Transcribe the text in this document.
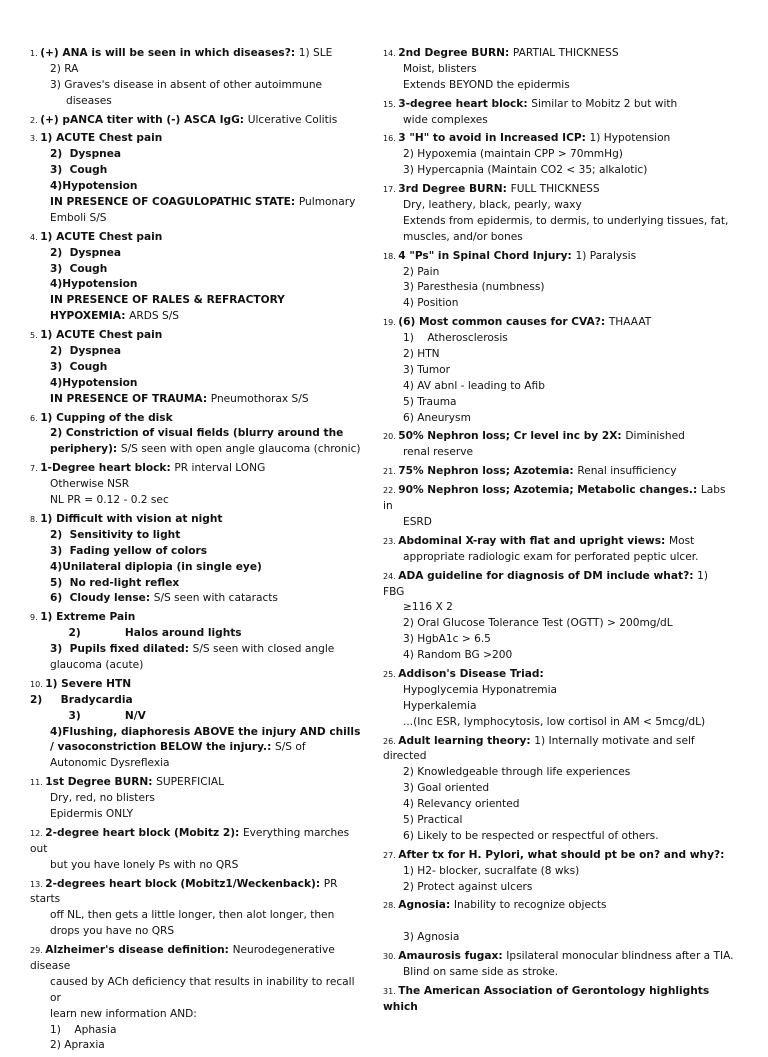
1. (+) ANA is will be seen in which diseases?: 1) SLE
2) RA
3) Graves's disease in absent of other autoimmune
diseases
2. (+) pANCA titer with (-) ASCA IgG: Ulcerative Colitis
3. 1) ACUTE Chest pain
2)  Dyspnea
3)  Cough
4)Hypotension
IN PRESENCE OF COAGULOPATHIC STATE: Pulmonary
Emboli S/S
4. 1) ACUTE Chest pain
2)  Dyspnea
3)  Cough
4)Hypotension
IN PRESENCE OF RALES & REFRACTORY
HYPOXEMIA: ARDS S/S
5. 1) ACUTE Chest pain
2)  Dyspnea
3)  Cough
4)Hypotension
IN PRESENCE OF TRAUMA: Pneumothorax S/S
6. 1) Cupping of the disk
2) Constriction of visual fields (blurry around the
periphery): S/S seen with open angle glaucoma (chronic)
7. 1-Degree heart block: PR interval LONG
Otherwise NSR
NL PR = 0.12 - 0.2 sec
8. 1) Difficult with vision at night
2)  Sensitivity to light
3)  Fading yellow of colors
4)Unilateral diplopia (in single eye)
5)  No red-light reflex
6)  Cloudy lense: S/S seen with cataracts
9. 1) Extreme Pain
2)            Halos around lights
3)  Pupils fixed dilated: S/S seen with closed angle
glaucoma (acute)
10. 1) Severe HTN
2)     Bradycardia
3)            N/V
4)Flushing, diaphoresis ABOVE the injury AND chills
/ vasoconstriction BELOW the injury.: S/S of
Autonomic Dysreflexia
11. 1st Degree BURN: SUPERFICIAL
Dry, red, no blisters
Epidermis ONLY
12. 2-degree heart block (Mobitz 2): Everything marches out
but you have lonely Ps with no QRS
13. 2-degrees heart block (Mobitz1/Weckenback): PR starts
off NL, then gets a little longer, then alot longer, then
drops you have no QRS
29. Alzheimer's disease definition: Neurodegenerative disease
caused by ACh deficiency that results in inability to recall or
learn new information AND:
1)    Aphasia
2) Apraxia
14. 2nd Degree BURN: PARTIAL THICKNESS
Moist, blisters
Extends BEYOND the epidermis
15. 3-degree heart block: Similar to Mobitz 2 but with
wide complexes
16. 3 "H" to avoid in Increased ICP: 1) Hypotension
2) Hypoxemia (maintain CPP > 70mmHg)
3) Hypercapnia (Maintain CO2 < 35; alkalotic)
17. 3rd Degree BURN: FULL THICKNESS
Dry, leathery, black, pearly, waxy
Extends from epidermis, to dermis, to underlying tissues, fat,
muscles, and/or bones
18. 4 "Ps" in Spinal Chord Injury: 1) Paralysis
2) Pain
3) Paresthesia (numbness)
4) Position
19. (6) Most common causes for CVA?: THAAAT
1)    Atherosclerosis
2) HTN
3) Tumor
4) AV abnl - leading to Afib
5) Trauma
6) Aneurysm
20. 50% Nephron loss; Cr level inc by 2X: Diminished
renal reserve
21. 75% Nephron loss; Azotemia: Renal insufficiency
22. 90% Nephron loss; Azotemia; Metabolic changes.: Labs in
ESRD
23. Abdominal X-ray with flat and upright views: Most
appropriate radiologic exam for perforated peptic ulcer.
24. ADA guideline for diagnosis of DM include what?: 1)
FBG
≥116 X 2
2) Oral Glucose Tolerance Test (OGTT) > 200mg/dL
3) HgbA1c > 6.5
4) Random BG >200
25. Addison's Disease Triad:
Hypoglycemia Hyponatremia
Hyperkalemia
...(Inc ESR, lymphocytosis, low cortisol in AM < 5mcg/dL)
26. Adult learning theory: 1) Internally motivate and self
directed
2) Knowledgeable through life experiences
3) Goal oriented
4) Relevancy oriented
5) Practical
6) Likely to be respected or respectful of others.
27. After tx for H. Pylori, what should pt be on? and why?:
1) H2- blocker, sucralfate (8 wks)
2) Protect against ulcers
28. Agnosia: Inability to recognize objects

3) Agnosia
30. Amaurosis fugax: Ipsilateral monocular blindness after a TIA.
Blind on same side as stroke.
31. The American Association of Gerontology highlights
which
